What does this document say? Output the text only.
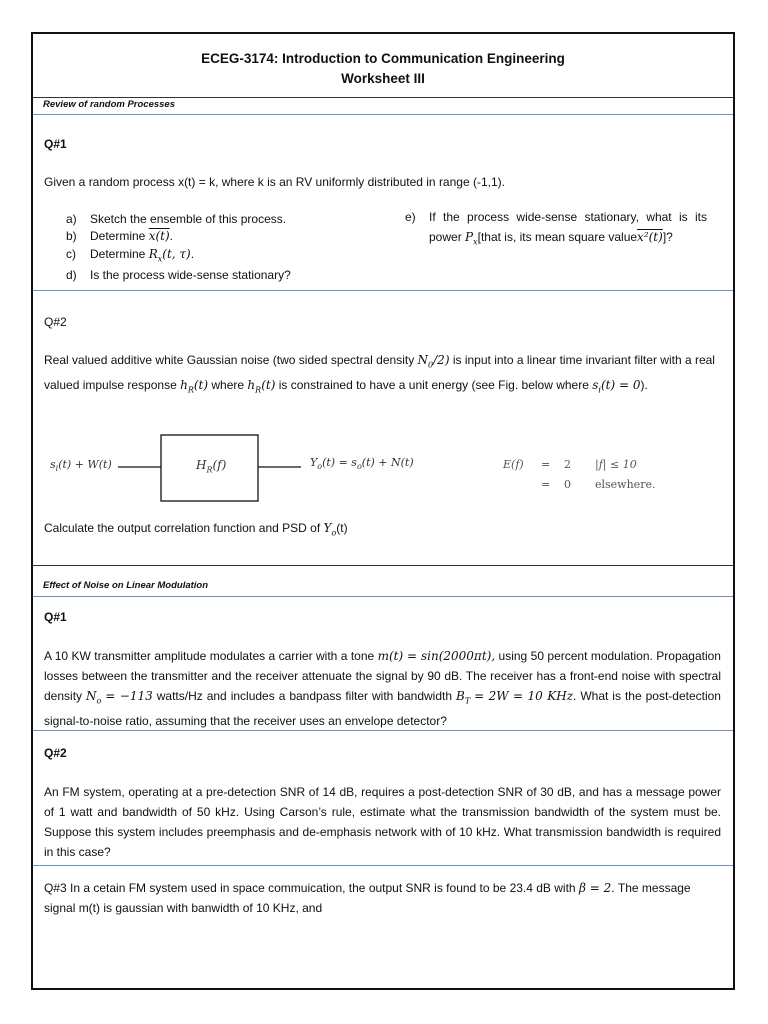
ECEG-3174: Introduction to Communication Engineering
Worksheet III
Review of random Processes
Q#1
Given a random process x(t) = k, where k is an RV uniformly distributed in range (-1,1).
a)	Sketch the ensemble of this process.
b)	Determine x(t).
c)	Determine $R_x(t$, τ).
d)	Is the process wide-sense stationary?
e) If the process wide-sense stationary, what is its power $P_x[that$ is, its mean square valuex²(t)]?
Q#2
Real valued additive white Gaussian noise (two sided spectral density $N_0/2$) is input into a linear time invariant filter with a real valued impulse response $h_R(t)$ where $h_R(t)$ is constrained to have a unit energy (see Fig. below where $s_i(t) = 0$).
$s_i(t) + W(t)$	$H_R(f)$	$Y_o(t) = s_o(t) + N(t)$	E(f) = 2 |f| ≤ 10
= 0 elsewhere.
Calculate the output correlation function and PSD of $Y_o(t)$
Effect of Noise on Linear Modulation
Q#1
A 10 KW transmitter amplitude modulates a carrier with a tone m(t) = sin(2000πt), using 50 percent modulation. Propagation losses between the transmitter and the receiver attenuate the signal by 90 dB. The receiver has a front-end noise with spectral density $N_o = -113$ watts/Hz and includes a bandpass filter with bandwidth $B_T = 2W = 10$ KHz. What is the post-detection signal-to-noise ratio, assuming that the receiver uses an envelope detector?
Q#2
An FM system, operating at a pre-detection SNR of 14 dB, requires a post-detection SNR of 30 dB, and has a message power of 1 watt and bandwidth of 50 kHz. Using Carson’s rule, estimate what the transmission bandwidth of the system must be. Suppose this system includes preemphasis and de-emphasis network with of 10 kHz. What transmission bandwidth is required in this case?
Q#3 In a cetain FM system used in space commuication, the output SNR is found to be 23.4 dB with β = 2. The message signal m(t) is gaussian with banwidth of 10 KHz, and
